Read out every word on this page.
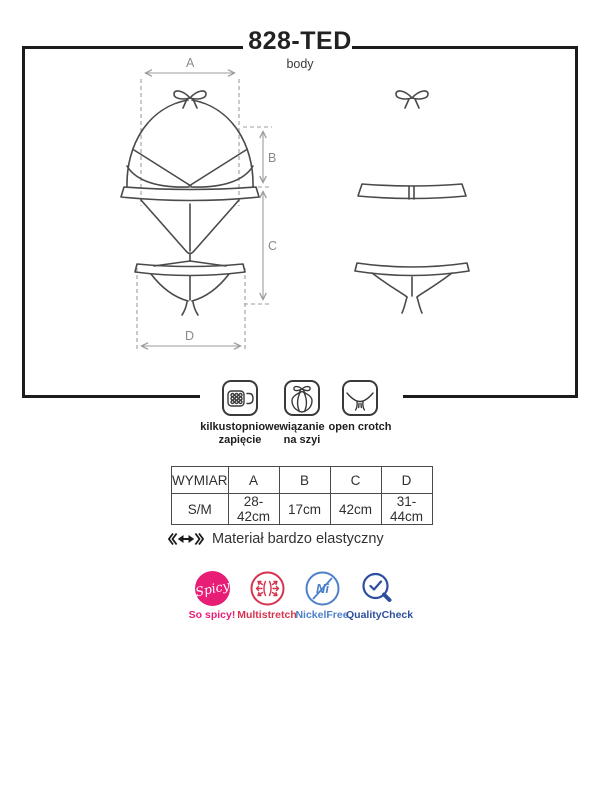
828-TED
body
A
B
C
D
kilkustopniowe
zapięcie
wiązanie
na szyi
open crotch
WYMIAR	A	B	C	D
S/M	28-42cm	17cm	42cm	31-44cm
Materiał bardzo elastyczny
Spicy
So spicy! Multistretch
Ni
NickelFree
QualityCheck
